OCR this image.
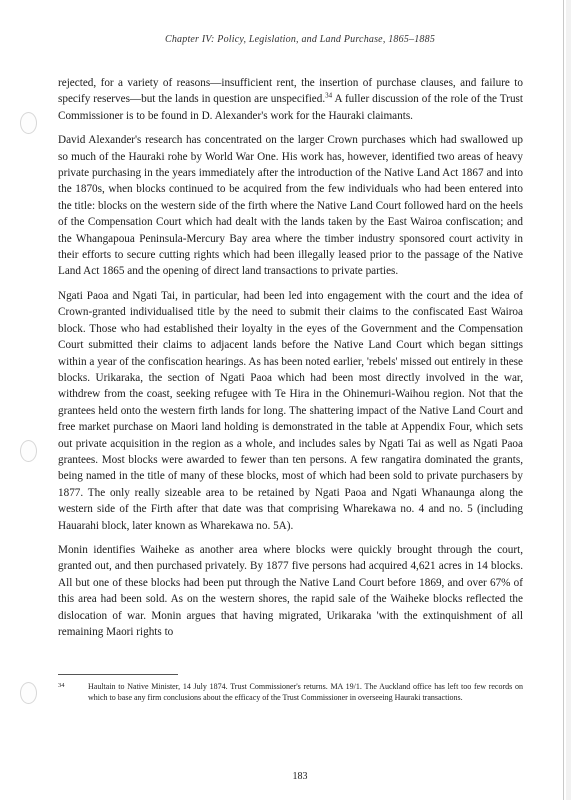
Chapter IV: Policy, Legislation, and Land Purchase, 1865–1885

rejected, for a variety of reasons—insufficient rent, the insertion of purchase clauses, and failure to specify reserves—but the lands in question are unspecified.$^{34}$ A fuller discussion of the role of the Trust Commissioner is to be found in D. Alexander's work for the Hauraki claimants.

David Alexander's research has concentrated on the larger Crown purchases which had swallowed up so much of the Hauraki rohe by World War One. His work has, however, identified two areas of heavy private purchasing in the years immediately after the introduction of the Native Land Act 1867 and into the 1870s, when blocks continued to be acquired from the few individuals who had been entered into the title: blocks on the western side of the firth where the Native Land Court followed hard on the heels of the Compensation Court which had dealt with the lands taken by the East Wairoa confiscation; and the Whangapoua Peninsula-Mercury Bay area where the timber industry sponsored court activity in their efforts to secure cutting rights which had been illegally leased prior to the passage of the Native Land Act 1865 and the opening of direct land transactions to private parties.

Ngati Paoa and Ngati Tai, in particular, had been led into engagement with the court and the idea of Crown-granted individualised title by the need to submit their claims to the confiscated East Wairoa block. Those who had established their loyalty in the eyes of the Government and the Compensation Court submitted their claims to adjacent lands before the Native Land Court which began sittings within a year of the confiscation hearings. As has been noted earlier, 'rebels' missed out entirely in these blocks. Urikaraka, the section of Ngati Paoa which had been most directly involved in the war, withdrew from the coast, seeking refugee with Te Hira in the Ohinemuri-Waihou region. Not that the grantees held onto the western firth lands for long. The shattering impact of the Native Land Court and free market purchase on Maori land holding is demonstrated in the table at Appendix Four, which sets out private acquisition in the region as a whole, and includes sales by Ngati Tai as well as Ngati Paoa grantees. Most blocks were awarded to fewer than ten persons. A few rangatira dominated the grants, being named in the title of many of these blocks, most of which had been sold to private purchasers by 1877. The only really sizeable area to be retained by Ngati Paoa and Ngati Whanaunga along the western side of the Firth after that date was that comprising Wharekawa no. 4 and no. 5 (including Hauarahi block, later known as Wharekawa no. 5A).

Monin identifies Waiheke as another area where blocks were quickly brought through the court, granted out, and then purchased privately. By 1877 five persons had acquired 4,621 acres in 14 blocks. All but one of these blocks had been put through the Native Land Court before 1869, and over 67% of this area had been sold. As on the western shores, the rapid sale of the Waiheke blocks reflected the dislocation of war. Monin argues that having migrated, Urikaraka 'with the extinquishment of all remaining Maori rights to

34	Haultain to Native Minister, 14 July 1874. Trust Commissioner's returns. MA 19/1. The Auckland office has left too few records on which to base any firm conclusions about the efficacy of the Trust Commissioner in overseeing Hauraki transactions.
183
